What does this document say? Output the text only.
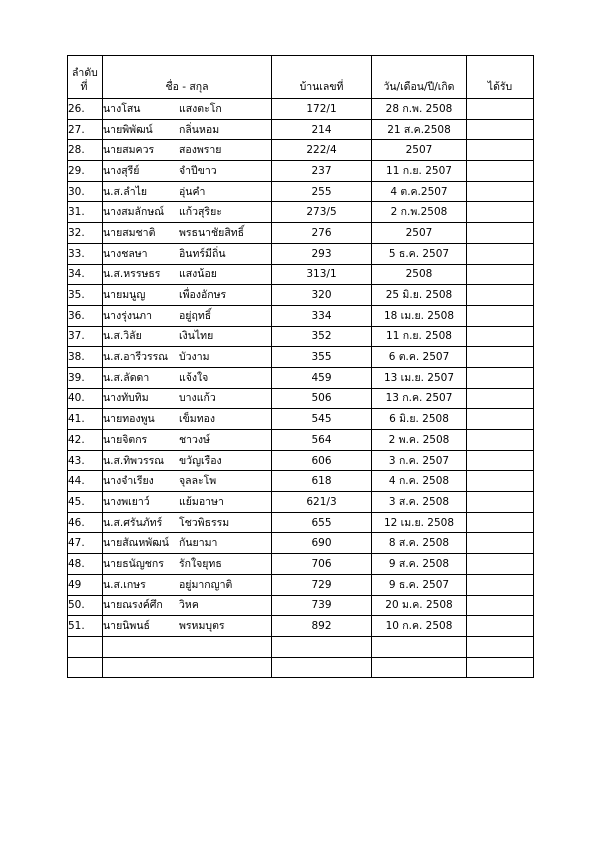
ลำดับ
ที่	ชื่อ - สกุล	บ้านเลขที่	วัน/เดือน/ปี/เกิด	ได้รับ
26.	นางโสน แสงตะโก	172/1	28 ก.พ. 2508	
27.	นายพิพัฒน์ กลิ่นหอม	214	21 ส.ค.2508	
28.	นายสมควร สองพราย	222/4	2507	
29.	นางสุรีย์ จำปีขาว	237	11 ก.ย. 2507	
30.	น.ส.ลำไย อุ่นคำ	255	4 ต.ค.2507	
31.	นางสมลักษณ์ แก้วสุริยะ	273/5	2 ก.พ.2508	
32.	นายสมชาติ พรธนาชัยสิทธิ์	276	2507	
33.	นางชลษา อินทร์มีถิ่น	293	5 ธ.ค. 2507	
34.	น.ส.หรรษธร แสงน้อย	313/1	2508	
35.	นายมนูญ เพื่องอักษร	320	25 มิ.ย. 2508	
36.	นางรุ่งนภา อยู่ฤทธิ์	334	18 เม.ย. 2508	
37.	น.ส.วิลัย เงินไทย	352	11 ก.ย. 2508	
38.	น.ส.อารีวรรณ บัวงาม	355	6 ต.ค. 2507	
39.	น.ส.ลัดดา แจ้งใจ	459	13 เม.ย. 2507	
40.	นางทับทิม บางแก้ว	506	13 ก.ค. 2507	
41.	นายทองพูน เข็มทอง	545	6 มิ.ย. 2508	
42.	นายจิตกร ชาวงษ์	564	2 พ.ค. 2508	
43.	น.ส.ทิพวรรณ ขวัญเรือง	606	3 ก.ค. 2507	
44.	นางจำเรียง จุลละโพ	618	4 ก.ค. 2508	
45.	นางพเยาว์ แย้มอาษา	621/3	3 ส.ค. 2508	
46.	น.ส.ศรันภัทร์ โชวพิธรรม	655	12 เม.ย. 2508	
47.	นายสัณหพัฒน์ กันยามา	690	8 ส.ค. 2508	
48.	นายธนัญชกร รักใจยุทธ	706	9 ส.ค. 2508	
49	น.ส.เกษร อยู่มากญาติ	729	9 ธ.ค. 2507	
50.	นายณรงค์ศึก วิหค	739	20 ม.ค. 2508	
51.	นายนิพนธ์ พรหมบุตร	892	10 ก.ค. 2508	
